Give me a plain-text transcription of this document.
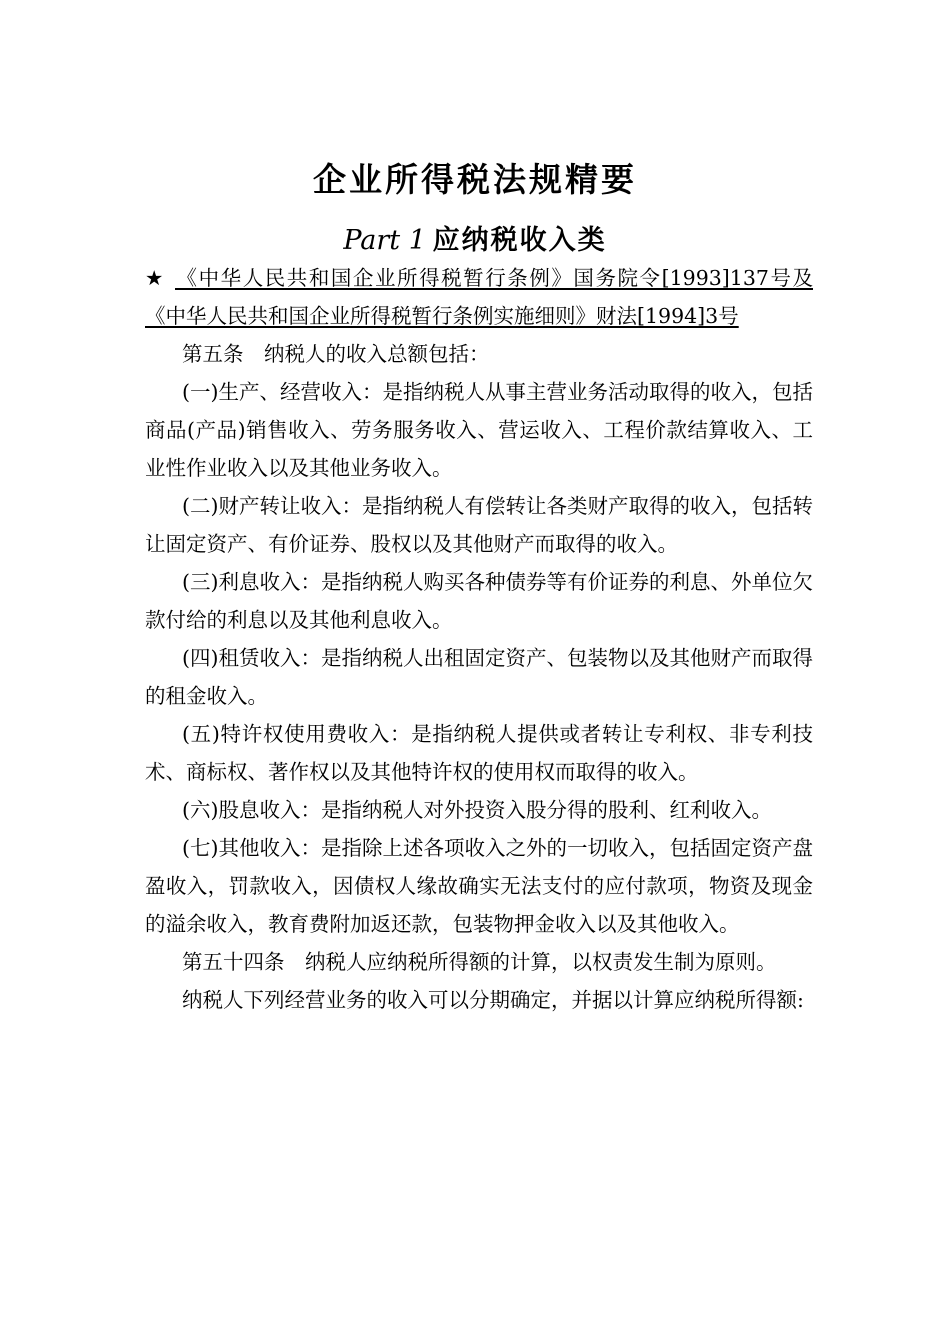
企业所得税法规精要
Part 1 应纳税收入类

★ 《中华人民共和国企业所得税暂行条例》国务院令[1993]137号及《中华人民共和国企业所得税暂行条例实施细则》财法[1994]3号

第五条　纳税人的收入总额包括：

(一)生产、经营收入：是指纳税人从事主营业务活动取得的收入，包括商品(产品)销售收入、劳务服务收入、营运收入、工程价款结算收入、工业性作业收入以及其他业务收入。

(二)财产转让收入：是指纳税人有偿转让各类财产取得的收入，包括转让固定资产、有价证券、股权以及其他财产而取得的收入。

(三)利息收入：是指纳税人购买各种债券等有价证券的利息、外单位欠款付给的利息以及其他利息收入。

(四)租赁收入：是指纳税人出租固定资产、包装物以及其他财产而取得的租金收入。

(五)特许权使用费收入：是指纳税人提供或者转让专利权、非专利技术、商标权、著作权以及其他特许权的使用权而取得的收入。

(六)股息收入：是指纳税人对外投资入股分得的股利、红利收入。

(七)其他收入：是指除上述各项收入之外的一切收入，包括固定资产盘盈收入，罚款收入，因债权人缘故确实无法支付的应付款项，物资及现金的溢余收入，教育费附加返还款，包装物押金收入以及其他收入。

第五十四条　纳税人应纳税所得额的计算，以权责发生制为原则。

纳税人下列经营业务的收入可以分期确定，并据以计算应纳税所得额:
